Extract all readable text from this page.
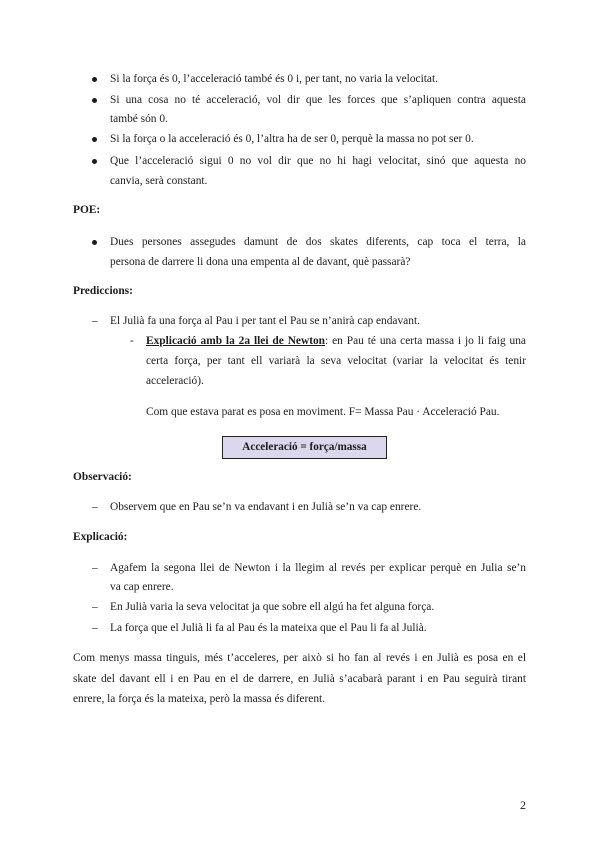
Si la força és 0, l’acceleració també és 0 i, per tant, no varia la velocitat.
Si una cosa no té acceleració, vol dir que les forces que s’apliquen contra aquesta
també són 0.
Si la força o la acceleració és 0, l’altra ha de ser 0, perquè la massa no pot ser 0.
Que l’acceleració sigui 0 no vol dir que no hi hagi velocitat, sinó que aquesta no
canvia, serà constant.
POE:
Dues persones assegudes damunt de dos skates diferents, cap toca el terra, la
persona de darrere li dona una empenta al de davant, què passarà?
Prediccions:
– El Julià fa una força al Pau i per tant el Pau se n’anirà cap endavant.
- Explicació amb la 2a llei de Newton: en Pau té una certa massa i jo li faig una
certa força, per tant ell variarà la seva velocitat (variar la velocitat és tenir
acceleració).
Com que estava parat es posa en moviment. F= Massa Pau · Acceleració Pau.
Acceleració = força/massa
Observació:
– Observem que en Pau se’n va endavant i en Julià se’n va cap enrere.
Explicació:
– Agafem la segona llei de Newton i la llegim al revés per explicar perquè en Julia se’n
va cap enrere.
– En Julià varia la seva velocitat ja que sobre ell algú ha fet alguna força.
– La força que el Julià li fa al Pau és la mateixa que el Pau li fa al Julià.
Com menys massa tinguis, més t’acceleres, per això si ho fan al revés i en Julià es posa en el
skate del davant ell i en Pau en el de darrere, en Julià s’acabarà parant i en Pau seguirà tirant
enrere, la força és la mateixa, però la massa és diferent.
2
